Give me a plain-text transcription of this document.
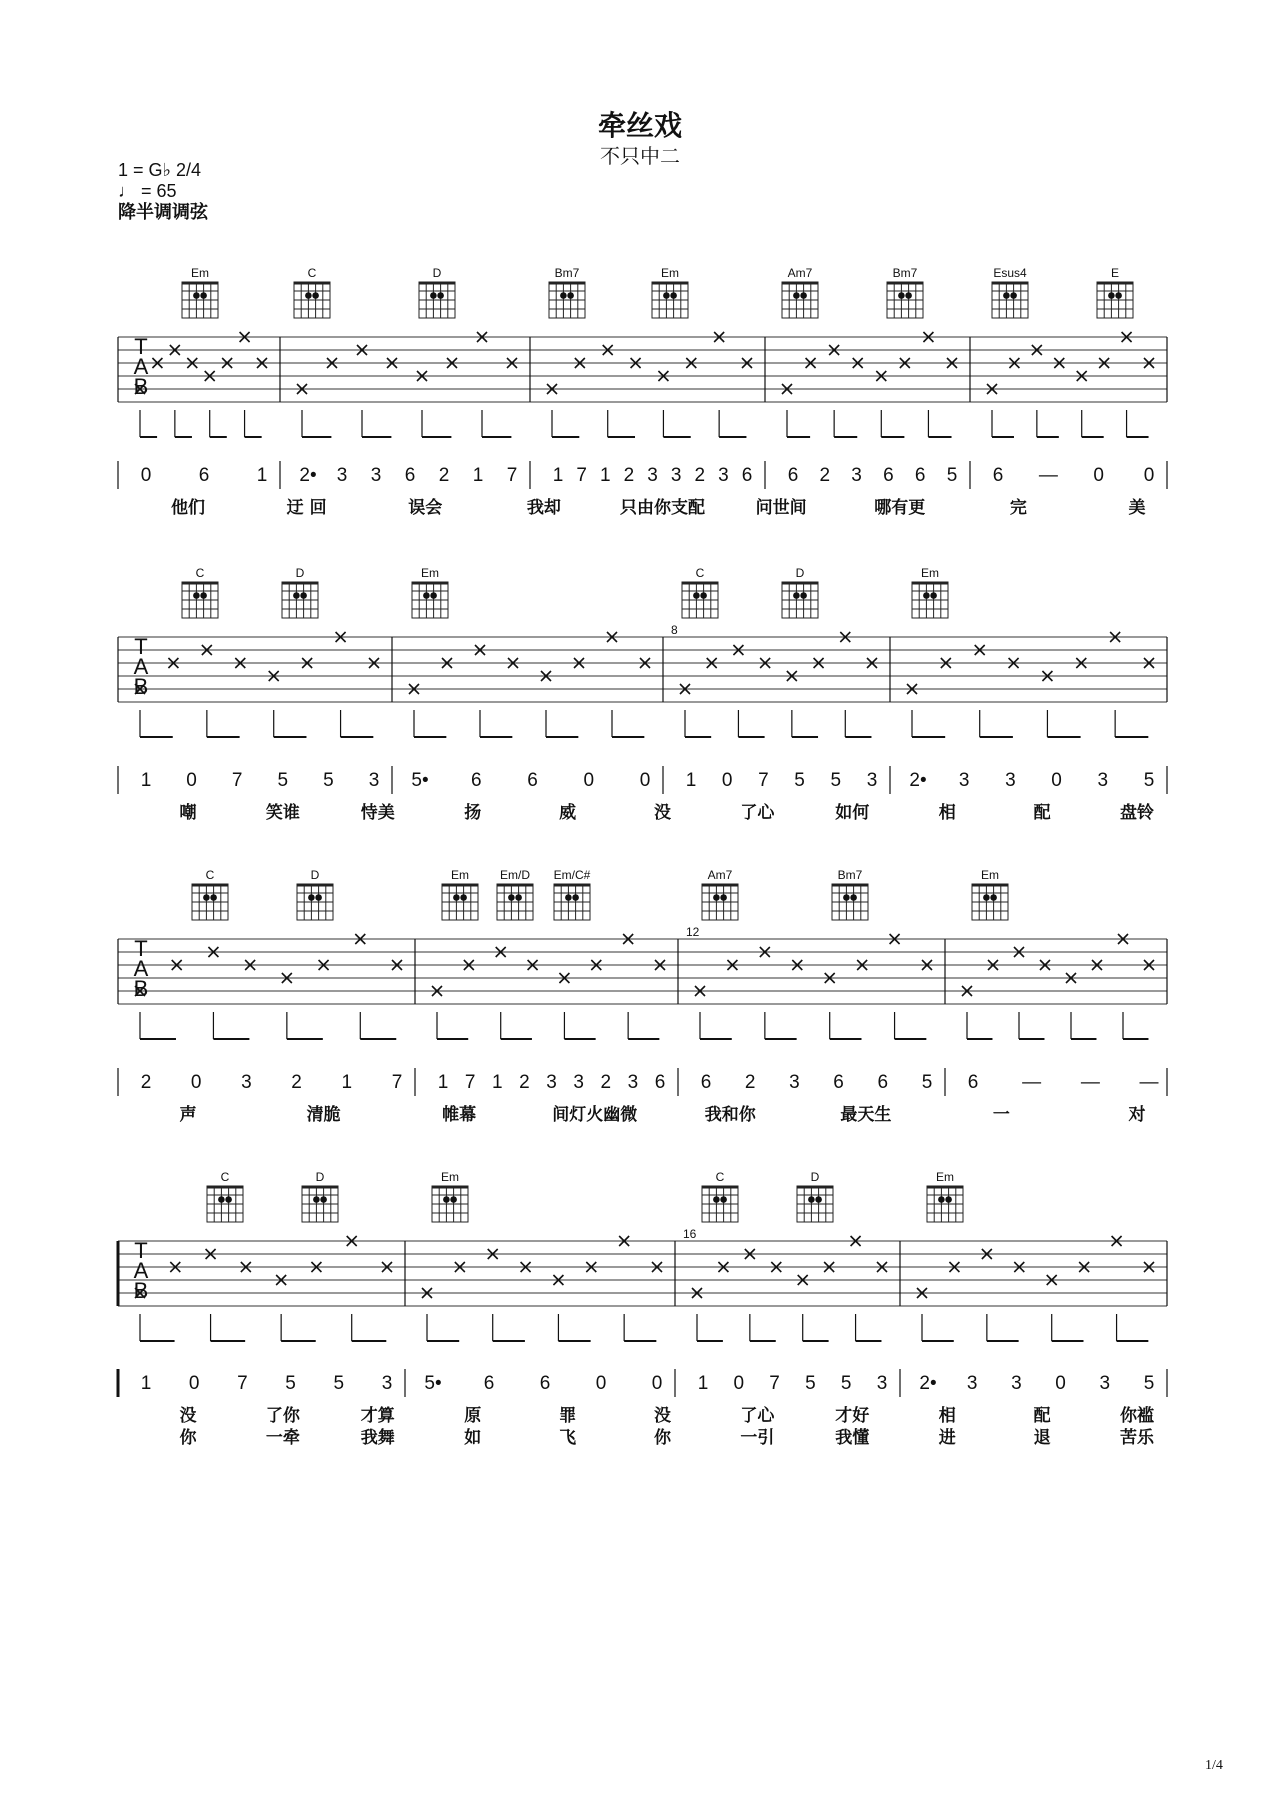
牵丝戏
不只中二
1 = G♭ 2/4
♩ = 65
降半调调弦
Em	C	D	Bm7	Em	Am7	Bm7	Esus4	E
T
A
B
0 6 1 2• 3 3 6 2 1 7 1 7 1 2 3 3 2 3 6 6 2 3 6 6 5 6 — 0 0
他们	迂 回	误会	我却	只由你支配	问世间	哪有更	完	美
C	D	Em	C	D	Em
T
A
B
8
1 0 7 5 5 3 5• 6 6 0 0 1 0 7 5 5 3 2• 3 3 0 3 5
嘲	笑谁	恃美	扬	威	没	了心	如何	相	配	盘铃
C	D	Em	Em/D Em/C#	Am7	Bm7	Em
T
A
B
12
2 0 3 2 1 7 1 7 1 2 3 3 2 3 6 6 2 3 6 6 5 6 — — —
声	清脆	帷幕	间灯火幽微	我和你	最天生	一	对
C	D	Em	C	D	Em
T
A
B
16
1 0 7 5 5 3 5• 6 6 0 0 1 0 7 5 5 3 2• 3 3 0 3 5
没	了你	才算	原	罪	没	了心	才好	相	配	你褴
你	一牵	我舞	如	飞	你	一引	我懂	进	退	苦乐
1/4
